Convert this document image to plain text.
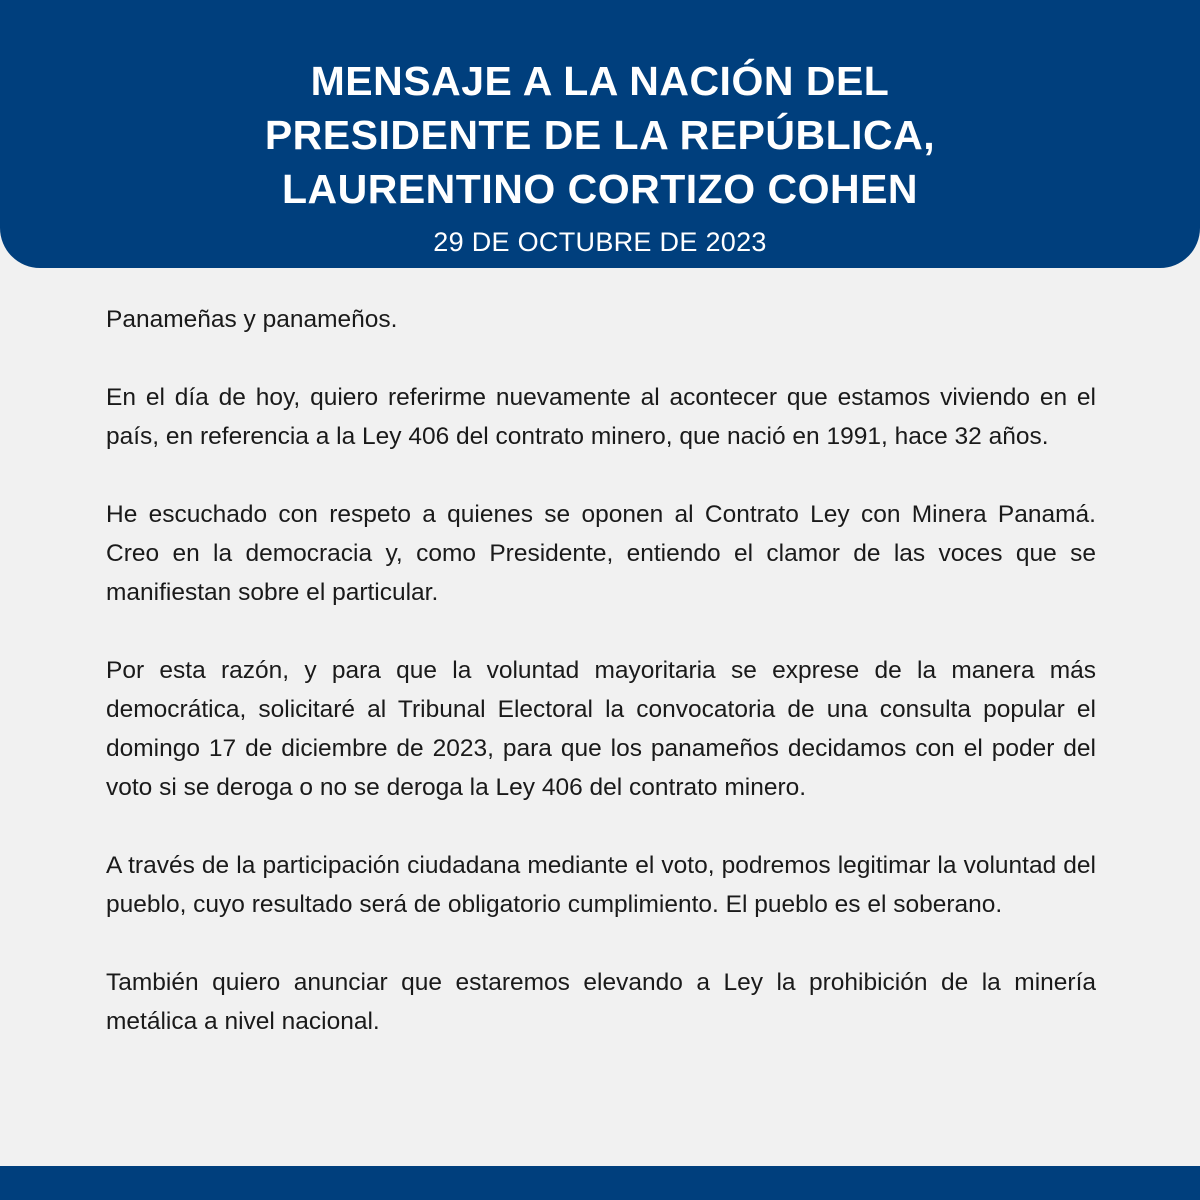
MENSAJE A LA NACIÓN DEL
PRESIDENTE DE LA REPÚBLICA,
LAURENTINO CORTIZO COHEN
29 DE OCTUBRE DE 2023

Panameñas y panameños.

En el día de hoy, quiero referirme nuevamente al acontecer que estamos viviendo en el país, en referencia a la Ley 406 del contrato minero, que nació en 1991, hace 32 años.

He escuchado con respeto a quienes se oponen al Contrato Ley con Minera Panamá. Creo en la democracia y, como Presidente, entiendo el clamor de las voces que se manifiestan sobre el particular.

Por esta razón, y para que la voluntad mayoritaria se exprese de la manera más democrática, solicitaré al Tribunal Electoral la convocatoria de una consulta popular el domingo 17 de diciembre de 2023, para que los panameños decidamos con el poder del voto si se deroga o no se deroga la Ley 406 del contrato minero.

A través de la participación ciudadana mediante el voto, podremos legitimar la voluntad del pueblo, cuyo resultado será de obligatorio cumplimiento. El pueblo es el soberano.

También quiero anunciar que estaremos elevando a Ley la prohibición de la minería metálica a nivel nacional.
